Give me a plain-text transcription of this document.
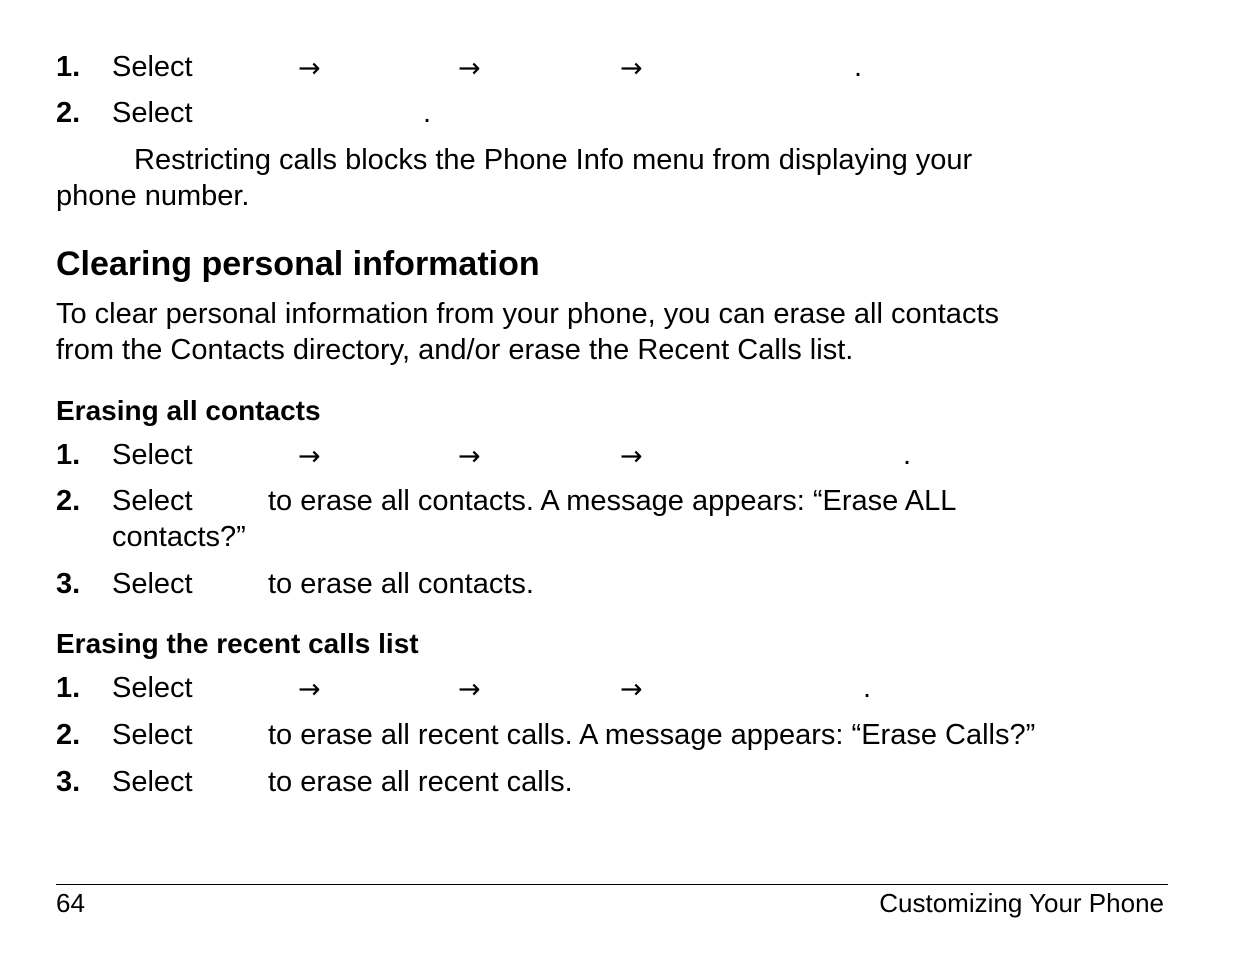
1. Select	→	→	→	.
2. Select	.
Restricting calls blocks the Phone Info menu from displaying your
phone number.
Clearing personal information
To clear personal information from your phone, you can erase all contacts
from the Contacts directory, and/or erase the Recent Calls list.
Erasing all contacts
1. Select	→	→	→	.
2. Select	to erase all contacts. A message appears: “Erase ALL
contacts?”
3. Select	to erase all contacts.
Erasing the recent calls list
1. Select	→	→	→	.
2. Select	to erase all recent calls. A message appears: “Erase Calls?”
3. Select	to erase all recent calls.
64	Customizing Your Phone
